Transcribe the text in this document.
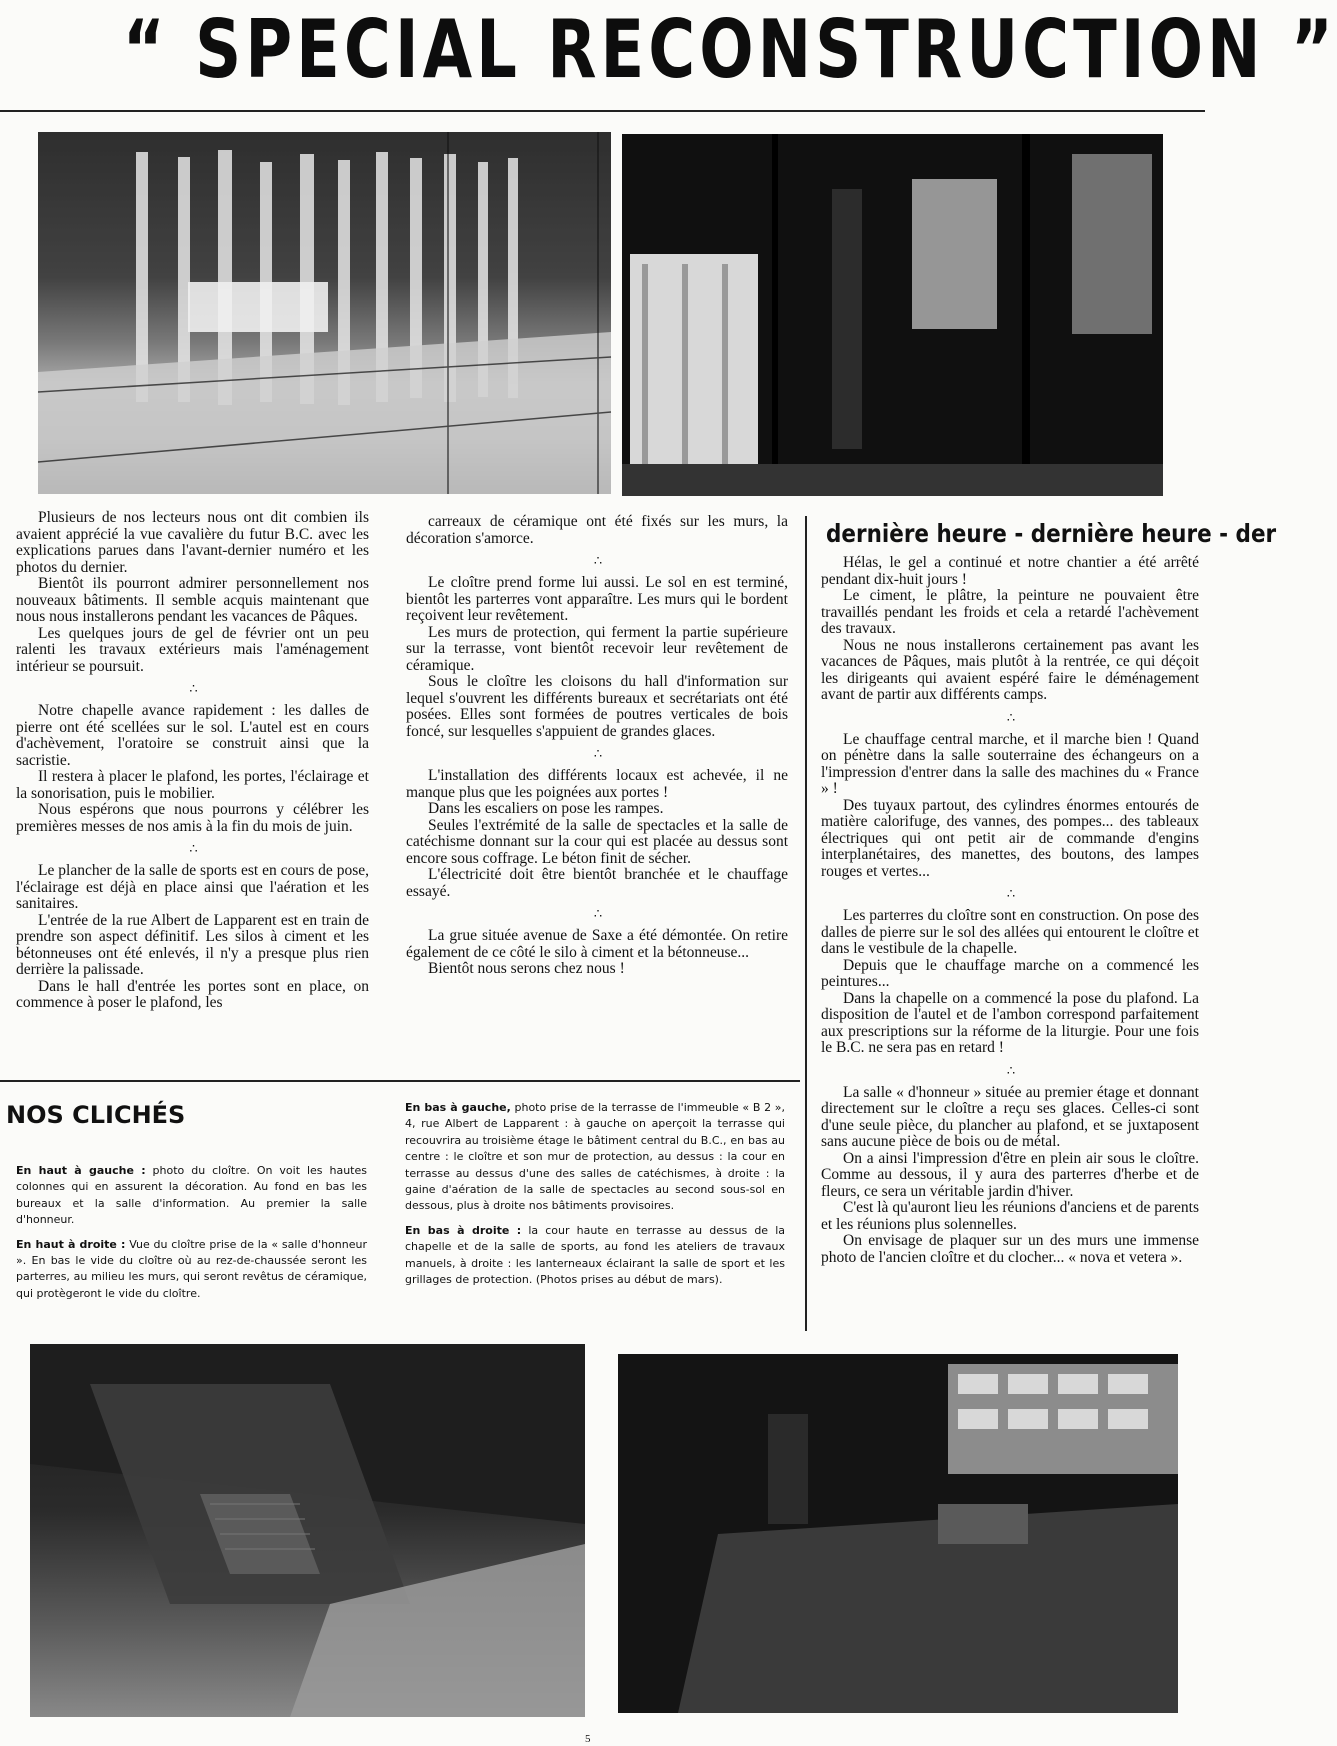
“ SPECIAL RECONSTRUCTION ”

Plusieurs de nos lecteurs nous ont dit combien ils avaient apprécié la vue cavalière du futur B.C. avec les explications parues dans l'avant-dernier numéro et les photos du dernier.

Bientôt ils pourront admirer personnellement nos nouveaux bâtiments. Il semble acquis maintenant que nous nous installerons pendant les vacances de Pâques.

Les quelques jours de gel de février ont un peu ralenti les travaux extérieurs mais l'aménagement intérieur se poursuit.

∴

Notre chapelle avance rapidement : les dalles de pierre ont été scellées sur le sol. L'autel est en cours d'achèvement, l'oratoire se construit ainsi que la sacristie.

Il restera à placer le plafond, les portes, l'éclairage et la sonorisation, puis le mobilier.

Nous espérons que nous pourrons y célébrer les premières messes de nos amis à la fin du mois de juin.

∴

Le plancher de la salle de sports est en cours de pose, l'éclairage est déjà en place ainsi que l'aération et les sanitaires.

L'entrée de la rue Albert de Lapparent est en train de prendre son aspect définitif. Les silos à ciment et les bétonneuses ont été enlevés, il n'y a presque plus rien derrière la palissade.

Dans le hall d'entrée les portes sont en place, on commence à poser le plafond, les

carreaux de céramique ont été fixés sur les murs, la décoration s'amorce.

∴

Le cloître prend forme lui aussi. Le sol en est terminé, bientôt les parterres vont apparaître. Les murs qui le bordent reçoivent leur revêtement.

Les murs de protection, qui ferment la partie supérieure sur la terrasse, vont bientôt recevoir leur revêtement de céramique.

Sous le cloître les cloisons du hall d'information sur lequel s'ouvrent les différents bureaux et secrétariats ont été posées. Elles sont formées de poutres verticales de bois foncé, sur lesquelles s'appuient de grandes glaces.

∴

L'installation des différents locaux est achevée, il ne manque plus que les poignées aux portes !

Dans les escaliers on pose les rampes.

Seules l'extrémité de la salle de spectacles et la salle de catéchisme donnant sur la cour qui est placée au dessus sont encore sous coffrage. Le béton finit de sécher.

L'électricité doit être bientôt branchée et le chauffage essayé.

∴

La grue située avenue de Saxe a été démontée. On retire également de ce côté le silo à ciment et la bétonneuse...

Bientôt nous serons chez nous !

dernière heure - dernière heure - der

Hélas, le gel a continué et notre chantier a été arrêté pendant dix-huit jours !

Le ciment, le plâtre, la peinture ne pouvaient être travaillés pendant les froids et cela a retardé l'achèvement des travaux.

Nous ne nous installerons certainement pas avant les vacances de Pâques, mais plutôt à la rentrée, ce qui déçoit les dirigeants qui avaient espéré faire le déménagement avant de partir aux différents camps.

∴

Le chauffage central marche, et il marche bien ! Quand on pénètre dans la salle souterraine des échangeurs on a l'impression d'entrer dans la salle des machines du « France » !

Des tuyaux partout, des cylindres énormes entourés de matière calorifuge, des vannes, des pompes... des tableaux électriques qui ont petit air de commande d'engins interplanétaires, des manettes, des boutons, des lampes rouges et vertes...

∴

Les parterres du cloître sont en construction. On pose des dalles de pierre sur le sol des allées qui entourent le cloître et dans le vestibule de la chapelle.

Depuis que le chauffage marche on a commencé les peintures...

Dans la chapelle on a commencé la pose du plafond. La disposition de l'autel et de l'ambon correspond parfaitement aux prescriptions sur la réforme de la liturgie. Pour une fois le B.C. ne sera pas en retard !

∴

La salle « d'honneur » située au premier étage et donnant directement sur le cloître a reçu ses glaces. Celles-ci sont d'une seule pièce, du plancher au plafond, et se juxtaposent sans aucune pièce de bois ou de métal.

On a ainsi l'impression d'être en plein air sous le cloître. Comme au dessous, il y aura des parterres d'herbe et de fleurs, ce sera un véritable jardin d'hiver.

C'est là qu'auront lieu les réunions d'anciens et de parents et les réunions plus solennelles.

On envisage de plaquer sur un des murs une immense photo de l'ancien cloître et du clocher... « nova et vetera ».

NOS CLICHÉS

En haut à gauche : photo du cloître. On voit les hautes colonnes qui en assurent la décoration. Au fond en bas les bureaux et la salle d'information. Au premier la salle d'honneur.

En haut à droite : Vue du cloître prise de la « salle d'honneur ». En bas le vide du cloître où au rez-de-chaussée seront les parterres, au milieu les murs, qui seront revêtus de céramique, qui protègeront le vide du cloître.

En bas à gauche, photo prise de la terrasse de l'immeuble « B 2 », 4, rue Albert de Lapparent : à gauche on aperçoit la terrasse qui recouvrira au troisième étage le bâtiment central du B.C., en bas au centre : le cloître et son mur de protection, au dessus : la cour en terrasse au dessus d'une des salles de catéchismes, à droite : la gaine d'aération de la salle de spectacles au second sous-sol en dessous, plus à droite nos bâtiments provisoires.

En bas à droite : la cour haute en terrasse au dessus de la chapelle et de la salle de sports, au fond les ateliers de travaux manuels, à droite : les lanterneaux éclairant la salle de sport et les grillages de protection. (Photos prises au début de mars).

5
